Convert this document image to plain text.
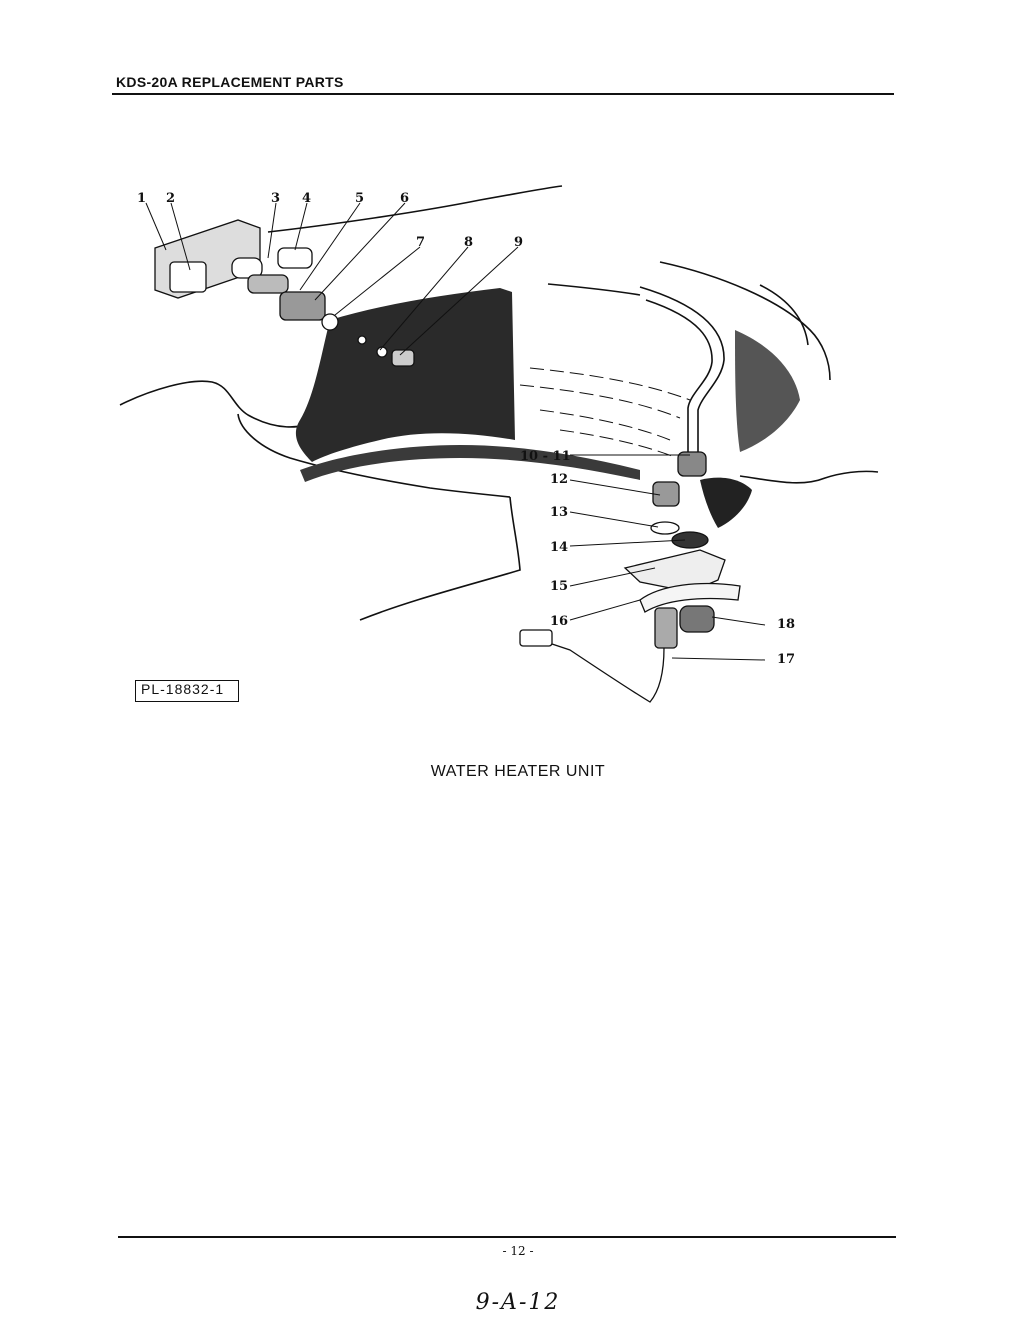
KDS-20A REPLACEMENT PARTS
1 2	3 4	5	6
7	8	9
10 - 11
12
13
14
15
16
17
18
PL-18832-1
WATER HEATER UNIT
- 12 -
9-A-12
